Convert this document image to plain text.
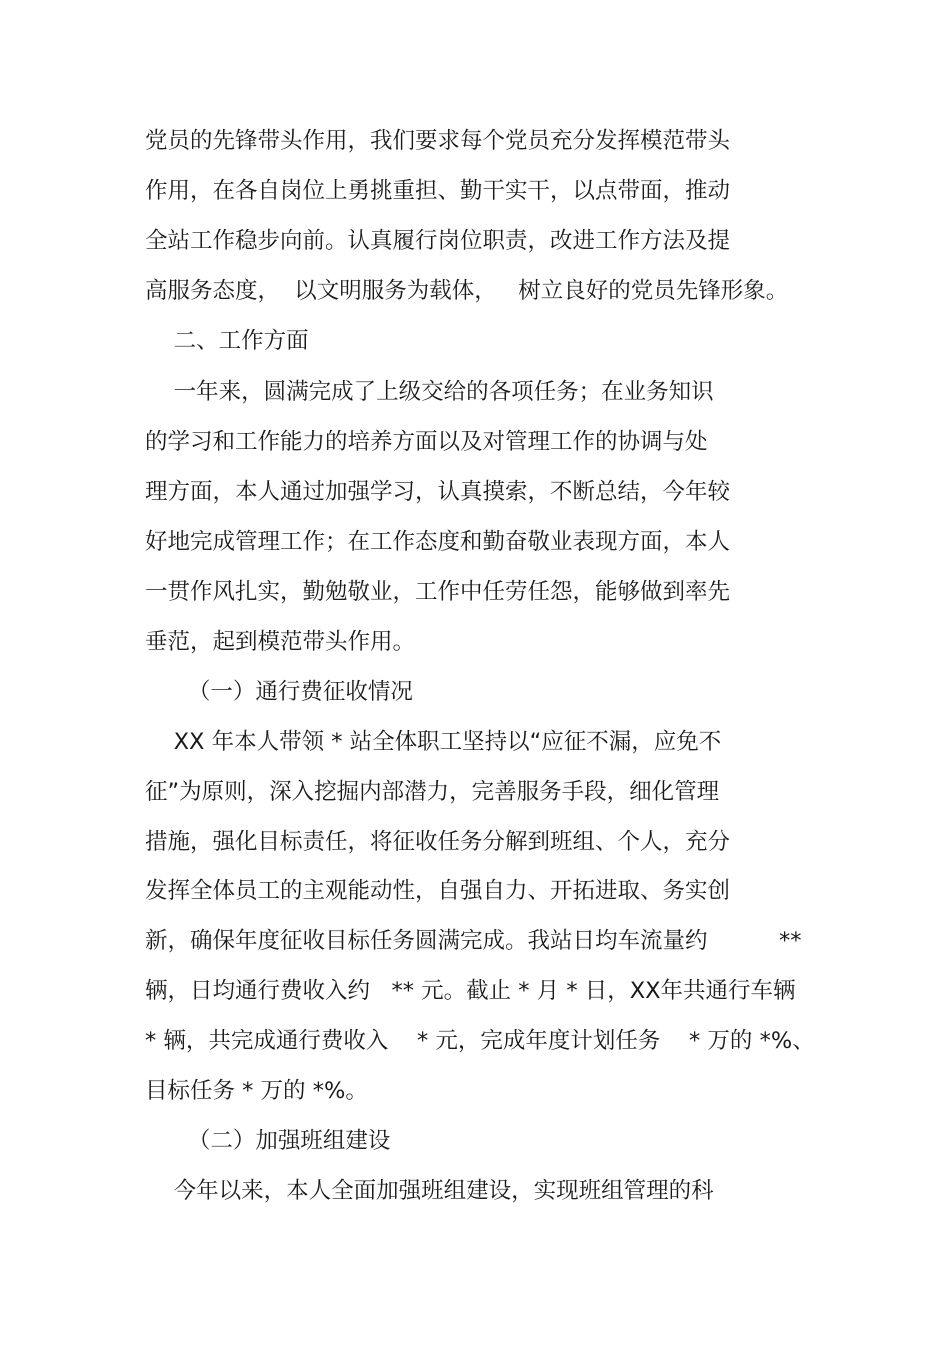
党员的先锋带头作用，我们要求每个党员充分发挥模范带头
作用，在各自岗位上勇挑重担、勤干实干，以点带面，推动
全站工作稳步向前。认真履行岗位职责，改进工作方法及提
高服务态度，  以文明服务为载体，   树立良好的党员先锋形象。
二、工作方面
一年来，圆满完成了上级交给的各项任务；在业务知识
的学习和工作能力的培养方面以及对管理工作的协调与处
理方面，本人通过加强学习，认真摸索，不断总结，今年较
好地完成管理工作；在工作态度和勤奋敬业表现方面，本人
一贯作风扎实，勤勉敬业，工作中任劳任怨，能够做到率先
垂范，起到模范带头作用。
（一）通行费征收情况
XX 年本人带领 * 站全体职工坚持以“应征不漏，应免不
征”为原则，深入挖掘内部潜力，完善服务手段，细化管理
措施，强化目标责任，将征收任务分解到班组、个人，充分
发挥全体员工的主观能动性，自强自力、开拓进取、务实创
新，确保年度征收目标任务圆满完成。我站日均车流量约          **
辆，日均通行费收入约   ** 元。截止 * 月 * 日，XX年共通行车辆
* 辆，共完成通行费收入    * 元，完成年度计划任务    * 万的 *%、
目标任务 * 万的 *%。
（二）加强班组建设
今年以来，本人全面加强班组建设，实现班组管理的科
